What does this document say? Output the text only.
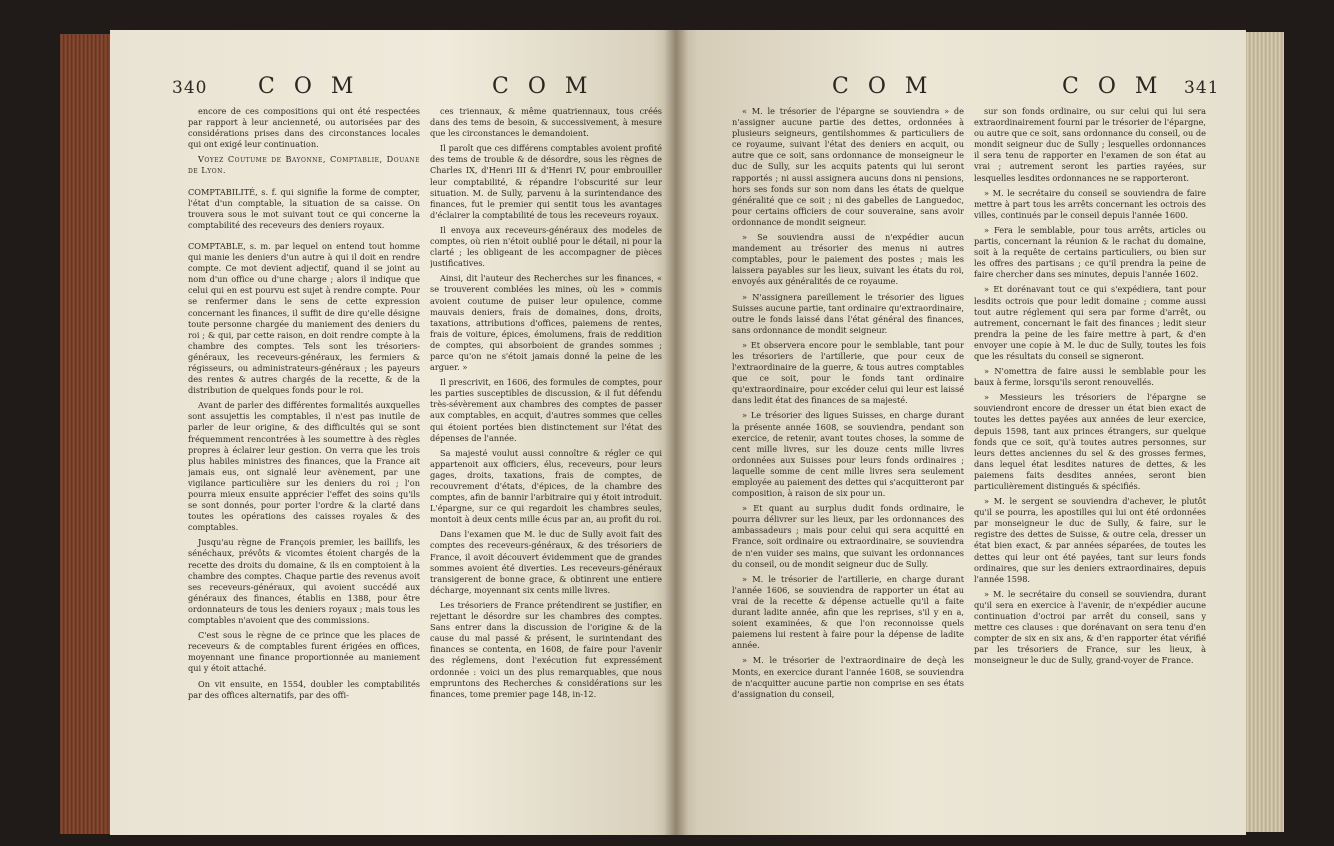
340 C O M	C O M

encore de ces compositions qui ont été respectées par rapport à leur ancienneté, ou autorisées par des considérations prises dans des circonstances locales qui ont exigé leur continuation.

Voyez Coutume de Bayonne, Comptablie, Douane de Lyon.

COMPTABILITÉ, s. f. qui signifie la forme de compter, l'état d'un comptable, la situation de sa caisse. On trouvera sous le mot suivant tout ce qui concerne la comptabilité des receveurs des deniers royaux.

COMPTABLE, s. m. par lequel on entend tout homme qui manie les deniers d'un autre à qui il doit en rendre compte. Ce mot devient adjectif, quand il se joint au nom d'un office ou d'une charge ; alors il indique que celui qui en est pourvu est sujet à rendre compte. Pour se renfermer dans le sens de cette expression concernant les finances, il suffit de dire qu'elle désigne toute personne chargée du maniement des deniers du roi ; & qui, par cette raison, en doit rendre compte à la chambre des comptes. Tels sont les trésoriers-généraux, les receveurs-généraux, les fermiers & régisseurs, ou administrateurs-généraux ; les payeurs des rentes & autres chargés de la recette, & de la distribution de quelques fonds pour le roi.

Avant de parler des différentes formalités auxquelles sont assujettis les comptables, il n'est pas inutile de parler de leur origine, & des difficultés qui se sont fréquemment rencontrées à les soumettre à des règles propres à éclairer leur gestion. On verra que les trois plus habiles ministres des finances, que la France ait jamais eus, ont signalé leur avènement, par une vigilance particulière sur les deniers du roi ; l'on pourra mieux ensuite apprécier l'effet des soins qu'ils se sont donnés, pour porter l'ordre & la clarté dans toutes les opérations des caisses royales & des comptables.

Jusqu'au règne de François premier, les baillifs, les sénéchaux, prévôts & vicomtes étoient chargés de la recette des droits du domaine, & ils en comptoient à la chambre des comptes. Chaque partie des revenus avoit ses receveurs-généraux, qui avoient succédé aux généraux des finances, établis en 1388, pour être ordonnateurs de tous les deniers royaux ; mais tous les comptables n'avoient que des commissions.

C'est sous le règne de ce prince que les places de receveurs & de comptables furent érigées en offices, moyennant une finance proportionnée au maniement qui y étoit attaché.

On vit ensuite, en 1554, doubler les comptabilités par des offices alternatifs, par des offi-

ces triennaux, & même quatriennaux, tous créés dans des tems de besoin, & successivement, à mesure que les circonstances le demandoient.

Il paroît que ces différens comptables avoient profité des tems de trouble & de désordre, sous les règnes de Charles IX, d'Henri III & d'Henri IV, pour embrouiller leur comptabilité, & répandre l'obscurité sur leur situation. M. de Sully, parvenu à la surintendance des finances, fut le premier qui sentit tous les avantages d'éclairer la comptabilité de tous les receveurs royaux.

Il envoya aux receveurs-généraux des modeles de comptes, où rien n'étoit oublié pour le détail, ni pour la clarté ; les obligeant de les accompagner de pièces justificatives.

Ainsi, dit l'auteur des Recherches sur les finances, « se trouverent comblées les mines, où les » commis avoient coutume de puiser leur opulence, comme mauvais deniers, frais de domaines, dons, droits, taxations, attributions d'offices, paiemens de rentes, frais de voiture, épices, émolumens, frais de reddition de comptes, qui absorboient de grandes sommes ; parce qu'on ne s'étoit jamais donné la peine de les arguer. »

Il prescrivit, en 1606, des formules de comptes, pour les parties susceptibles de discussion, & il fut défendu très-sévèrement aux chambres des comptes de passer aux comptables, en acquit, d'autres sommes que celles qui étoient portées bien distinctement sur l'état des dépenses de l'année.

Sa majesté voulut aussi connoître & régler ce qui appartenoit aux officiers, élus, receveurs, pour leurs gages, droits, taxations, frais de comptes, de recouvrement d'états, d'épices, de la chambre des comptes, afin de bannir l'arbitraire qui y étoit introduit. L'épargne, sur ce qui regardoit les chambres seules, montoit à deux cents mille écus par an, au profit du roi.

Dans l'examen que M. le duc de Sully avoit fait des comptes des receveurs-généraux, & des trésoriers de France, il avoit découvert évidemment que de grandes sommes avoient été diverties. Les receveurs-généraux transigerent de bonne grace, & obtinrent une entiere décharge, moyennant six cents mille livres.

Les trésoriers de France prétendirent se justifier, en rejettant le désordre sur les chambres des comptes. Sans entrer dans la discussion de l'origine & de la cause du mal passé & présent, le surintendant des finances se contenta, en 1608, de faire pour l'avenir des réglemens, dont l'exécution fut expressément ordonnée : voici un des plus remarquables, que nous empruntons des Recherches & considérations sur les finances, tome premier page 148, in-12.

C O M	C O M 341

« M. le trésorier de l'épargne se souviendra » de n'assigner aucune partie des dettes, ordonnées à plusieurs seigneurs, gentilshommes & particuliers de ce royaume, suivant l'état des deniers en acquit, ou autre que ce soit, sans ordonnance de monseigneur le duc de Sully, sur les acquits patents qui lui seront rapportés ; ni aussi assignera aucuns dons ni pensions, hors ses fonds sur son nom dans les états de quelque généralité que ce soit ; ni des gabelles de Languedoc, pour certains officiers de cour souveraine, sans avoir ordonnance de mondit seigneur.

» Se souviendra aussi de n'expédier aucun mandement au trésorier des menus ni autres comptables, pour le paiement des postes ; mais les laissera payables sur les lieux, suivant les états du roi, envoyés aux généralités de ce royaume.

» N'assignera pareillement le trésorier des ligues Suisses aucune partie, tant ordinaire qu'extraordinaire, outre le fonds laissé dans l'état général des finances, sans ordonnance de mondit seigneur.

» Et observera encore pour le semblable, tant pour les trésoriers de l'artillerie, que pour ceux de l'extraordinaire de la guerre, & tous autres comptables que ce soit, pour le fonds tant ordinaire qu'extraordinaire, pour excéder celui qui leur est laissé dans ledit état des finances de sa majesté.

» Le trésorier des ligues Suisses, en charge durant la présente année 1608, se souviendra, pendant son exercice, de retenir, avant toutes choses, la somme de cent mille livres, sur les douze cents mille livres ordonnées aux Suisses pour leurs fonds ordinaires ; laquelle somme de cent mille livres sera seulement employée au paiement des dettes qui s'acquitteront par composition, à raison de six pour un.

» Et quant au surplus dudit fonds ordinaire, le pourra délivrer sur les lieux, par les ordonnances des ambassadeurs ; mais pour celui qui sera acquitté en France, soit ordinaire ou extraordinaire, se souviendra de n'en vuider ses mains, que suivant les ordonnances du conseil, ou de mondit seigneur duc de Sully.

» M. le trésorier de l'artillerie, en charge durant l'année 1606, se souviendra de rapporter un état au vrai de la recette & dépense actuelle qu'il a faite durant ladite année, afin que les reprises, s'il y en a, soient examinées, & que l'on reconnoisse quels paiemens lui restent à faire pour la dépense de ladite année.

» M. le trésorier de l'extraordinaire de deçà les Monts, en exercice durant l'année 1608, se souviendra de n'acquitter aucune partie non comprise en ses états d'assignation du conseil,

sur son fonds ordinaire, ou sur celui qui lui sera extraordinairement fourni par le trésorier de l'épargne, ou autre que ce soit, sans ordonnance du conseil, ou de mondit seigneur duc de Sully ; lesquelles ordonnances il sera tenu de rapporter en l'examen de son état au vrai ; autrement seront les parties rayées, sur lesquelles lesdites ordonnances ne se rapporteront.

» M. le secrétaire du conseil se souviendra de faire mettre à part tous les arrêts concernant les octrois des villes, continués par le conseil depuis l'année 1600.

» Fera le semblable, pour tous arrêts, articles ou partis, concernant la réunion & le rachat du domaine, soit à la requête de certains particuliers, ou bien sur les offres des partisans ; ce qu'il prendra la peine de faire chercher dans ses minutes, depuis l'année 1602.

» Et dorénavant tout ce qui s'expédiera, tant pour lesdits octrois que pour ledit domaine ; comme aussi tout autre réglement qui sera par forme d'arrêt, ou autrement, concernant le fait des finances ; ledit sieur prendra la peine de les faire mettre à part, & d'en envoyer une copie à M. le duc de Sully, toutes les fois que les résultats du conseil se signeront.

» N'omettra de faire aussi le semblable pour les baux à ferme, lorsqu'ils seront renouvellés.

» Messieurs les trésoriers de l'épargne se souviendront encore de dresser un état bien exact de toutes les dettes payées aux années de leur exercice, depuis 1598, tant aux princes étrangers, sur quelque fonds que ce soit, qu'à toutes autres personnes, sur leurs dettes anciennes du sel & des grosses fermes, dans lequel état lesdites natures de dettes, & les paiemens faits desdites années, seront bien particulièrement distingués & spécifiés.

» M. le sergent se souviendra d'achever, le plutôt qu'il se pourra, les apostilles qui lui ont été ordonnées par monseigneur le duc de Sully, & faire, sur le registre des dettes de Suisse, & outre cela, dresser un état bien exact, & par années séparées, de toutes les dettes qui leur ont été payées, tant sur leurs fonds ordinaires, que sur les deniers extraordinaires, depuis l'année 1598.

» M. le secrétaire du conseil se souviendra, durant qu'il sera en exercice à l'avenir, de n'expédier aucune continuation d'octroi par arrêt du conseil, sans y mettre ces clauses : que dorénavant on sera tenu d'en compter de six en six ans, & d'en rapporter état vérifié par les trésoriers de France, sur les lieux, à monseigneur le duc de Sully, grand-voyer de France.
